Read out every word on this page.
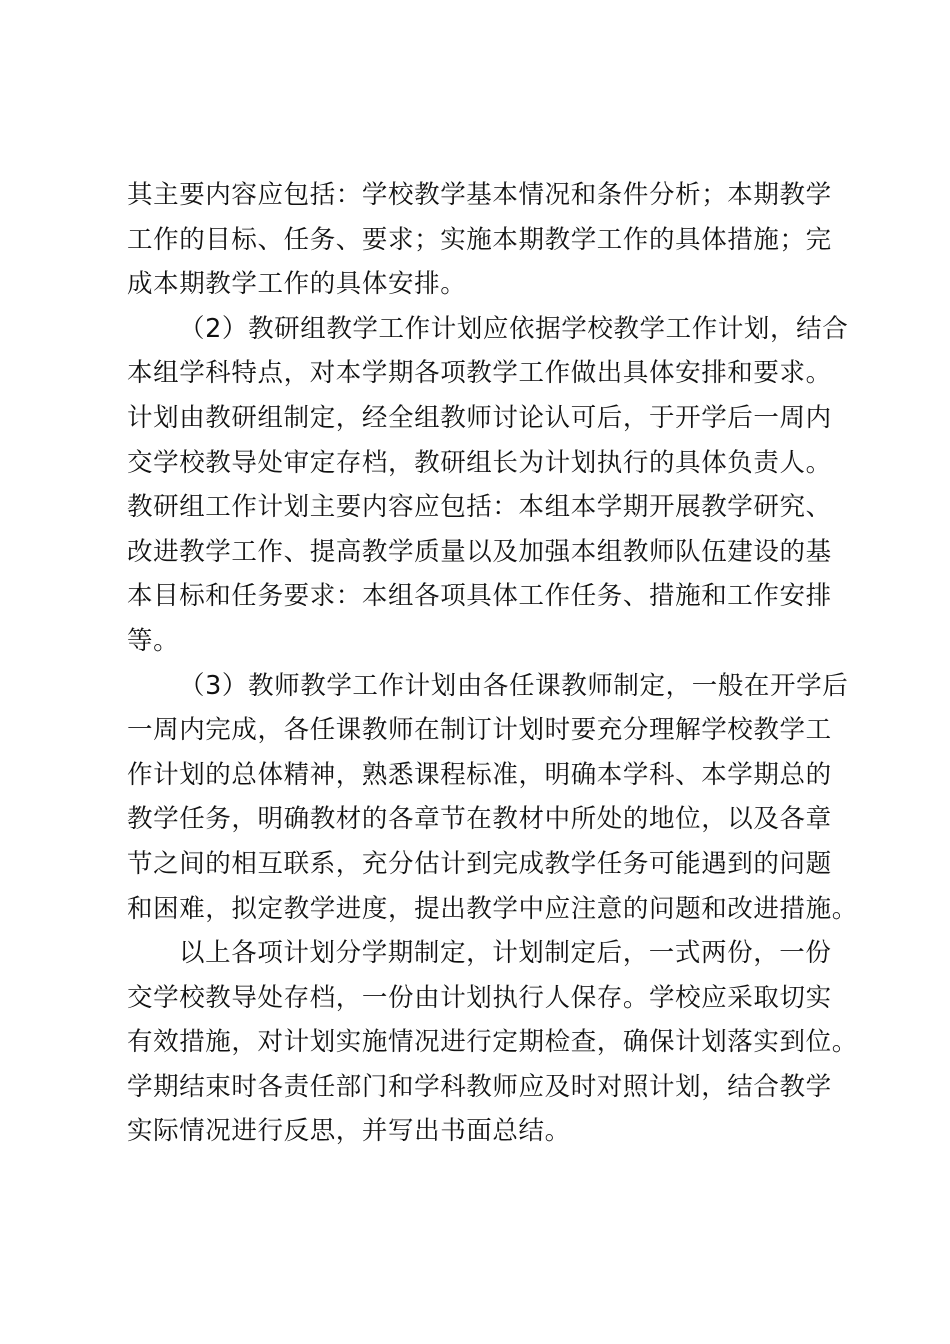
其主要内容应包括：学校教学基本情况和条件分析；本期教学
工作的目标、任务、要求；实施本期教学工作的具体措施；完
成本期教学工作的具体安排。
（2）教研组教学工作计划应依据学校教学工作计划，结合
本组学科特点，对本学期各项教学工作做出具体安排和要求。
计划由教研组制定，经全组教师讨论认可后，于开学后一周内
交学校教导处审定存档，教研组长为计划执行的具体负责人。
教研组工作计划主要内容应包括：本组本学期开展教学研究、
改进教学工作、提高教学质量以及加强本组教师队伍建设的基
本目标和任务要求：本组各项具体工作任务、措施和工作安排
等。
（3）教师教学工作计划由各任课教师制定，一般在开学后
一周内完成，各任课教师在制订计划时要充分理解学校教学工
作计划的总体精神，熟悉课程标准，明确本学科、本学期总的
教学任务，明确教材的各章节在教材中所处的地位，以及各章
节之间的相互联系，充分估计到完成教学任务可能遇到的问题
和困难，拟定教学进度，提出教学中应注意的问题和改进措施。
以上各项计划分学期制定，计划制定后，一式两份，一份
交学校教导处存档，一份由计划执行人保存。学校应采取切实
有效措施，对计划实施情况进行定期检查，确保计划落实到位。
学期结束时各责任部门和学科教师应及时对照计划，结合教学
实际情况进行反思，并写出书面总结。
